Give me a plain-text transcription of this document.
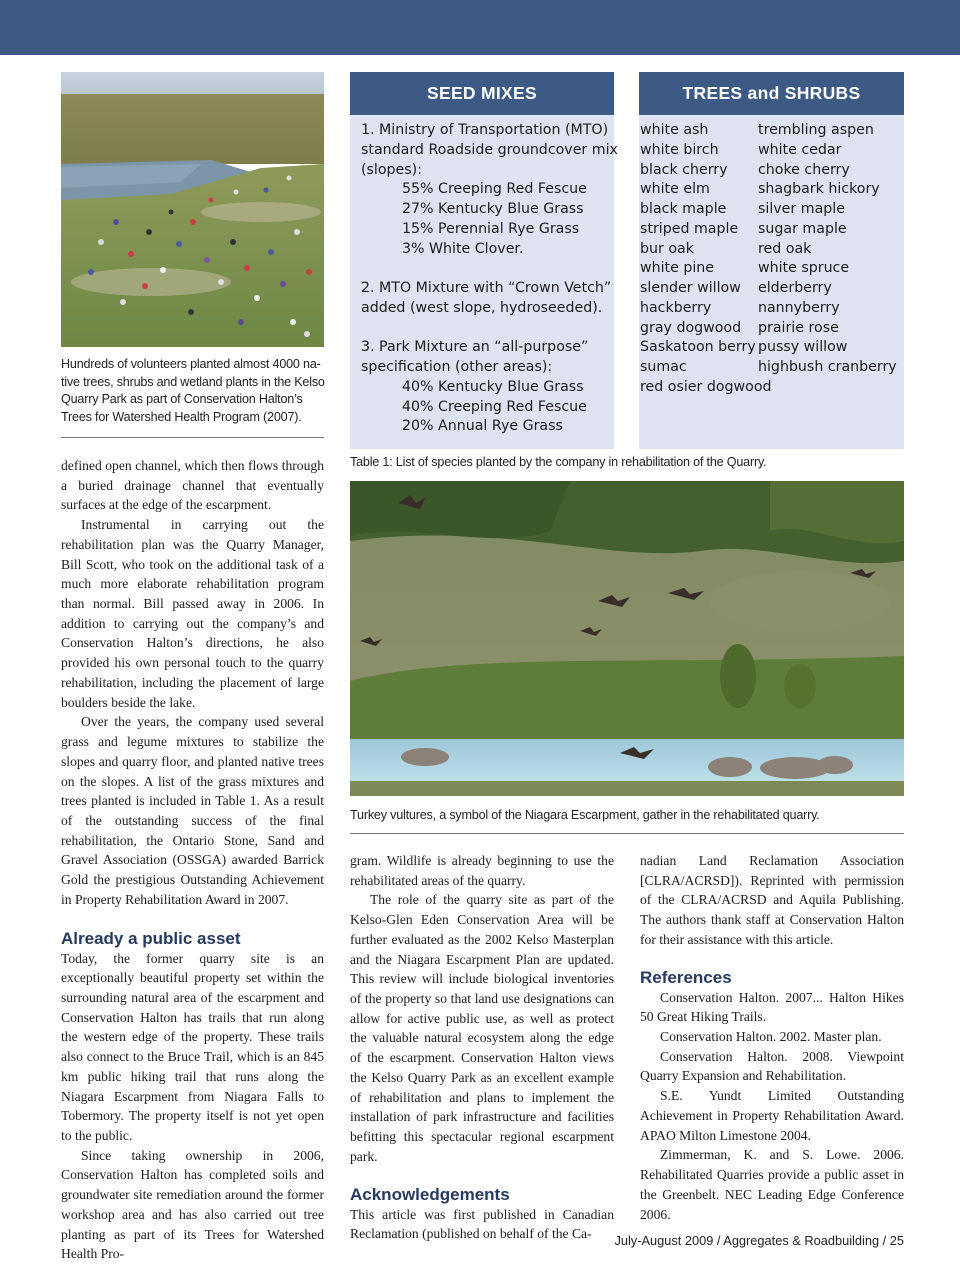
Hundreds of volunteers planted almost 4000 na-
tive trees, shrubs and wetland plants in the Kelso
Quarry Park as part of Conservation Halton’s
Trees for Watershed Health Program (2007).
SEED MIXES	TREES and SHRUBS
1. Ministry of Transportation (MTO)
standard Roadside groundcover mix
(slopes):
55% Creeping Red Fescue
27% Kentucky Blue Grass
15% Perennial Rye Grass
3% White Clover.
2. MTO Mixture with “Crown Vetch”
added (west slope, hydroseeded).
3. Park Mixture an “all-purpose”
specification (other areas):
40% Kentucky Blue Grass
40% Creeping Red Fescue
20% Annual Rye Grass
white ash
white birch
black cherry
white elm
black maple
striped maple
bur oak
white pine
slender willow
hackberry
gray dogwood
Saskatoon berry
sumac
red osier dogwood
trembling aspen
white cedar
choke cherry
shagbark hickory
silver maple
sugar maple
red oak
white spruce
elderberry
nannyberry
prairie rose
pussy willow
highbush cranberry
Table 1: List of species planted by the company in rehabilitation of the Quarry.
Turkey vultures, a symbol of the Niagara Escarpment, gather in the rehabilitated quarry.

defined open channel, which then flows through a buried drainage channel that eventually surfaces at the edge of the escarpment.

Instrumental in carrying out the rehabilitation plan was the Quarry Manager, Bill Scott, who took on the additional task of a much more elaborate rehabilitation program than normal. Bill passed away in 2006. In addition to carrying out the company’s and Conservation Halton’s directions, he also provided his own personal touch to the quarry rehabilitation, including the placement of large boulders beside the lake.

Over the years, the company used several grass and legume mixtures to stabilize the slopes and quarry floor, and planted native trees on the slopes. A list of the grass mixtures and trees planted is included in Table 1. As a result of the outstanding success of the final rehabilitation, the Ontario Stone, Sand and Gravel Association (OSSGA) awarded Barrick Gold the prestigious Outstanding Achievement in Property Rehabilitation Award in 2007.

Already a public asset

Today, the former quarry site is an exceptionally beautiful property set within the surrounding natural area of the escarpment and Conservation Halton has trails that run along the western edge of the property. These trails also connect to the Bruce Trail, which is an 845 km public hiking trail that runs along the Niagara Escarpment from Niagara Falls to Tobermory. The property itself is not yet open to the public.

Since taking ownership in 2006, Conservation Halton has completed soils and groundwater site remediation around the former workshop area and has also carried out tree planting as part of its Trees for Watershed Health Pro-

gram. Wildlife is already beginning to use the rehabilitated areas of the quarry.

The role of the quarry site as part of the Kelso-Glen Eden Conservation Area will be further evaluated as the 2002 Kelso Masterplan and the Niagara Escarpment Plan are updated. This review will include biological inventories of the property so that land use designations can allow for active public use, as well as protect the valuable natural ecosystem along the edge of the escarpment. Conservation Halton views the Kelso Quarry Park as an excellent example of rehabilitation and plans to implement the installation of park infrastructure and facilities befitting this spectacular regional escarpment park.

Acknowledgements

This article was first published in Canadian Reclamation (published on behalf of the Ca-

nadian Land Reclamation Association [CLRA/ACRSD]). Reprinted with permission of the CLRA/ACRSD and Aquila Publishing. The authors thank staff at Conservation Halton for their assistance with this article.

References

Conservation Halton. 2007... Halton Hikes 50 Great Hiking Trails.

Conservation Halton. 2002. Master plan.

Conservation Halton. 2008. Viewpoint Quarry Expansion and Rehabilitation.

S.E. Yundt Limited Outstanding Achievement in Property Rehabilitation Award. APAO Milton Limestone 2004.

Zimmerman, K. and S. Lowe. 2006. Rehabilitated Quarries provide a public asset in the Greenbelt. NEC Leading Edge Conference 2006.

July-August 2009 / Aggregates & Roadbuilding / 25
